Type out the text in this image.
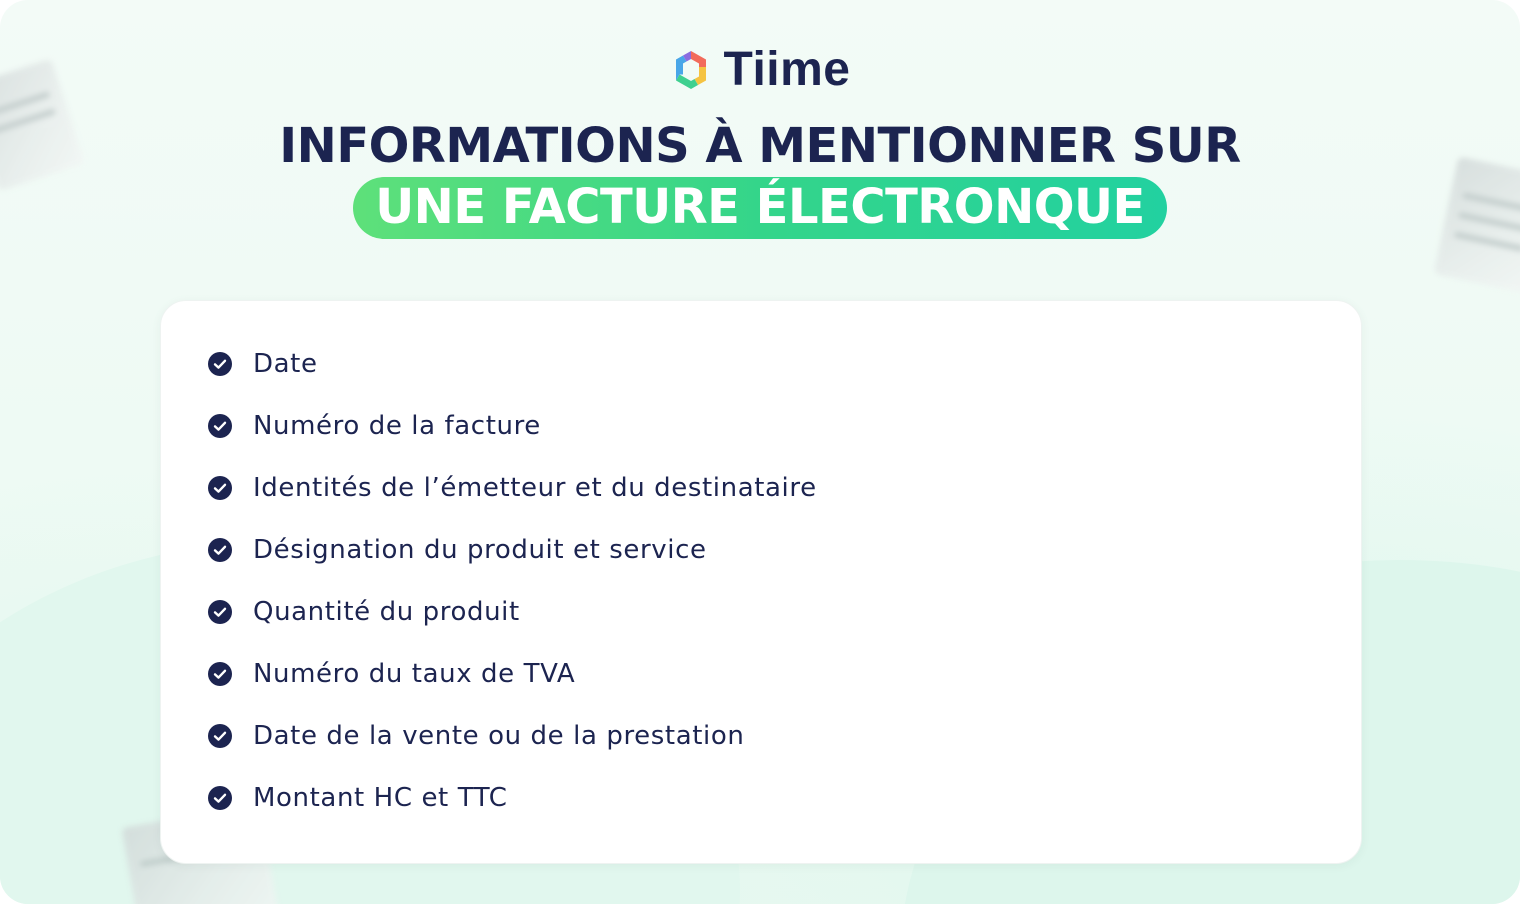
Tiime
INFORMATIONS À MENTIONNER SUR
UNE FACTURE ÉLECTRONQUE
Date
Numéro de la facture
Identités de l’émetteur et du destinataire
Désignation du produit et service
Quantité du produit
Numéro du taux de TVA
Date de la vente ou de la prestation
Montant HC et TTC
